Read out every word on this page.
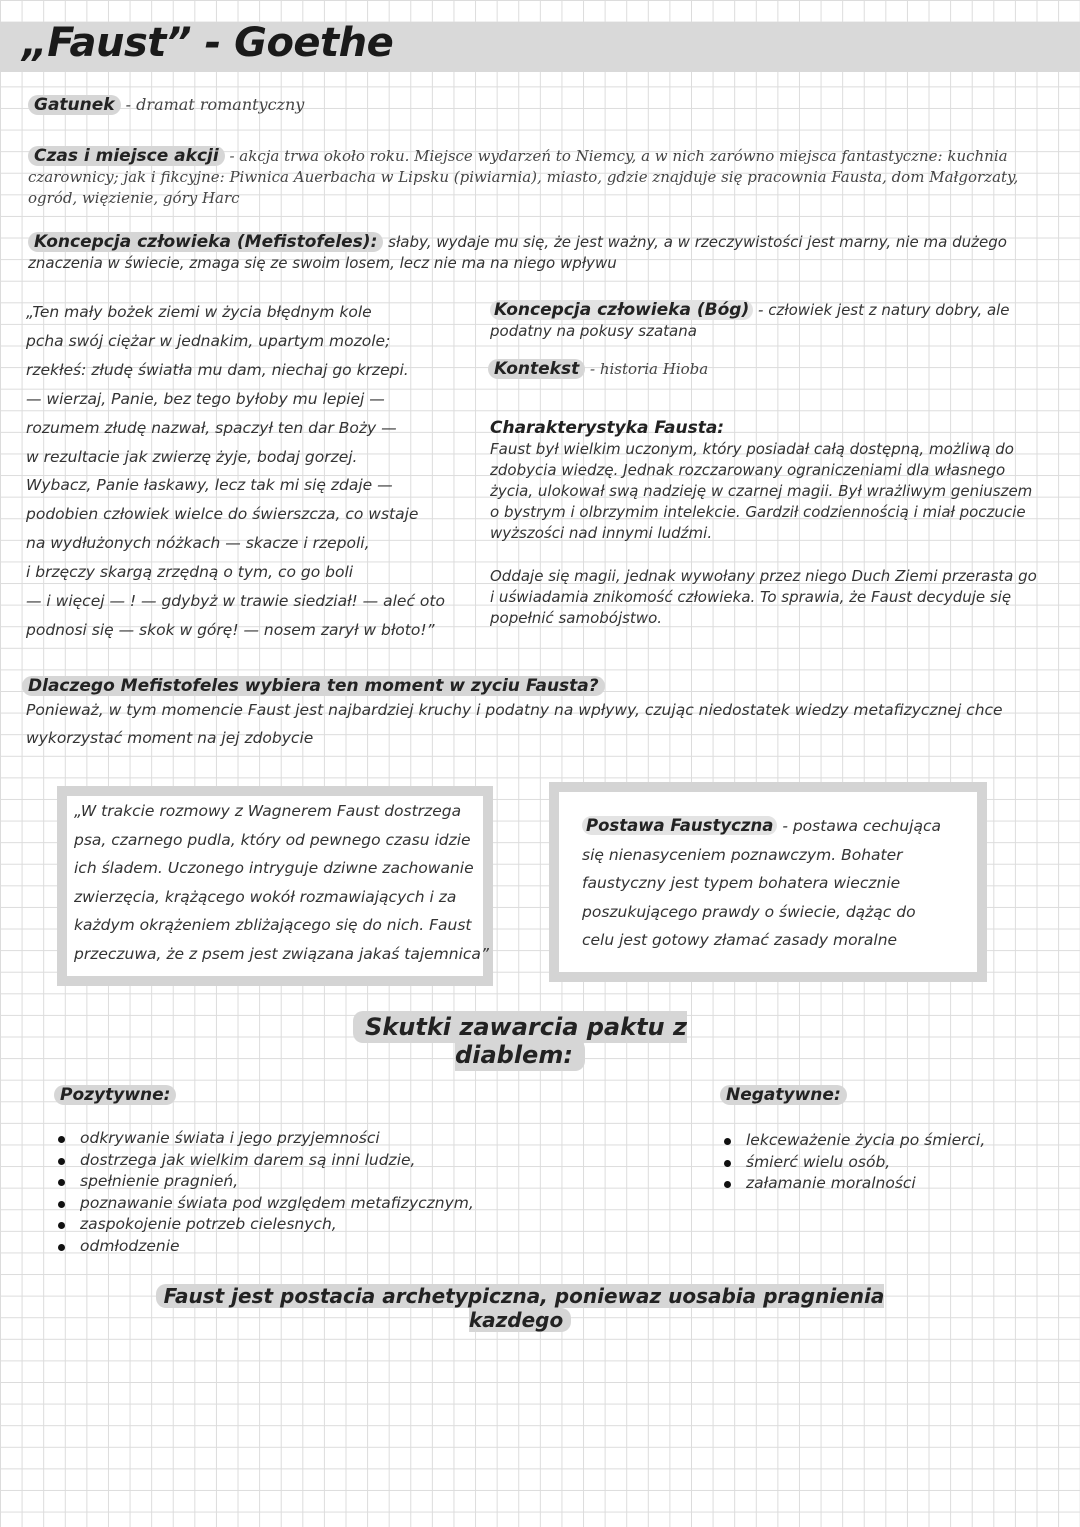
„Faust” - Goethe
Gatunek - dramat romantyczny
Czas i miejsce akcji - akcja trwa około roku. Miejsce wydarzeń to Niemcy, a w nich zarówno miejsca fantastyczne: kuchnia
czarownicy; jak i fikcyjne: Piwnica Auerbacha w Lipsku (piwiarnia), miasto, gdzie znajduje się pracownia Fausta, dom Małgorzaty,
ogród, więzienie, góry Harc
Koncepcja człowieka (Mefistofeles): słaby, wydaje mu się, że jest ważny, a w rzeczywistości jest marny, nie ma dużego
znaczenia w świecie, zmaga się ze swoim losem, lecz nie ma na niego wpływu
„Ten mały bożek ziemi w życia błędnym kole
pcha swój ciężar w jednakim, upartym mozole;
rzekłeś: złudę światła mu dam, niechaj go krzepi.
— wierzaj, Panie, bez tego byłoby mu lepiej —
rozumem złudę nazwał, spaczył ten dar Boży —
w rezultacie jak zwierzę żyje, bodaj gorzej.
Wybacz, Panie łaskawy, lecz tak mi się zdaje —
podobien człowiek wielce do świerszcza, co wstaje
na wydłużonych nóżkach — skacze i rzepoli,
i brzęczy skargą zrzędną o tym, co go boli
— i więcej — ! — gdybyż w trawie siedział! — aleć oto
podnosi się — skok w górę! — nosem zarył w błoto!”
Koncepcja człowieka (Bóg) - człowiek jest z natury dobry, ale
podatny na pokusy szatana
Kontekst - historia Hioba
Charakterystyka Fausta:
Faust był wielkim uczonym, który posiadał całą dostępną, możliwą do
zdobycia wiedzę. Jednak rozczarowany ograniczeniami dla własnego
życia, ulokował swą nadzieję w czarnej magii. Był wrażliwym geniuszem
o bystrym i olbrzymim intelekcie. Gardził codziennością i miał poczucie
wyższości nad innymi ludźmi.
Oddaje się magii, jednak wywołany przez niego Duch Ziemi przerasta go
i uświadamia znikomość człowieka. To sprawia, że Faust decyduje się
popełnić samobójstwo.
Dlaczego Mefistofeles wybiera ten moment w zyciu Fausta?
Ponieważ, w tym momencie Faust jest najbardziej kruchy i podatny na wpływy, czując niedostatek wiedzy metafizycznej chce
wykorzystać moment na jej zdobycie
„W trakcie rozmowy z Wagnerem Faust dostrzega
psa, czarnego pudla, który od pewnego czasu idzie
ich śladem. Uczonego intryguje dziwne zachowanie
zwierzęcia, krążącego wokół rozmawiających i za
każdym okrążeniem zbliżającego się do nich. Faust
przeczuwa, że z psem jest związana jakaś tajemnica”
Postawa Faustyczna - postawa cechująca
się nienasyceniem poznawczym. Bohater
faustyczny jest typem bohatera wiecznie
poszukującego prawdy o świecie, dążąc do
celu jest gotowy złamać zasady moralne
Skutki zawarcia paktu z diablem:
Pozytywne:
odkrywanie świata i jego przyjemności
dostrzega jak wielkim darem są inni ludzie,
spełnienie pragnień,
poznawanie świata pod względem metafizycznym,
zaspokojenie potrzeb cielesnych,
odmłodzenie
Negatywne:
lekceważenie życia po śmierci,
śmierć wielu osób,
załamanie moralności
Faust jest postacia archetypiczna, poniewaz uosabia pragnienia kazdego
